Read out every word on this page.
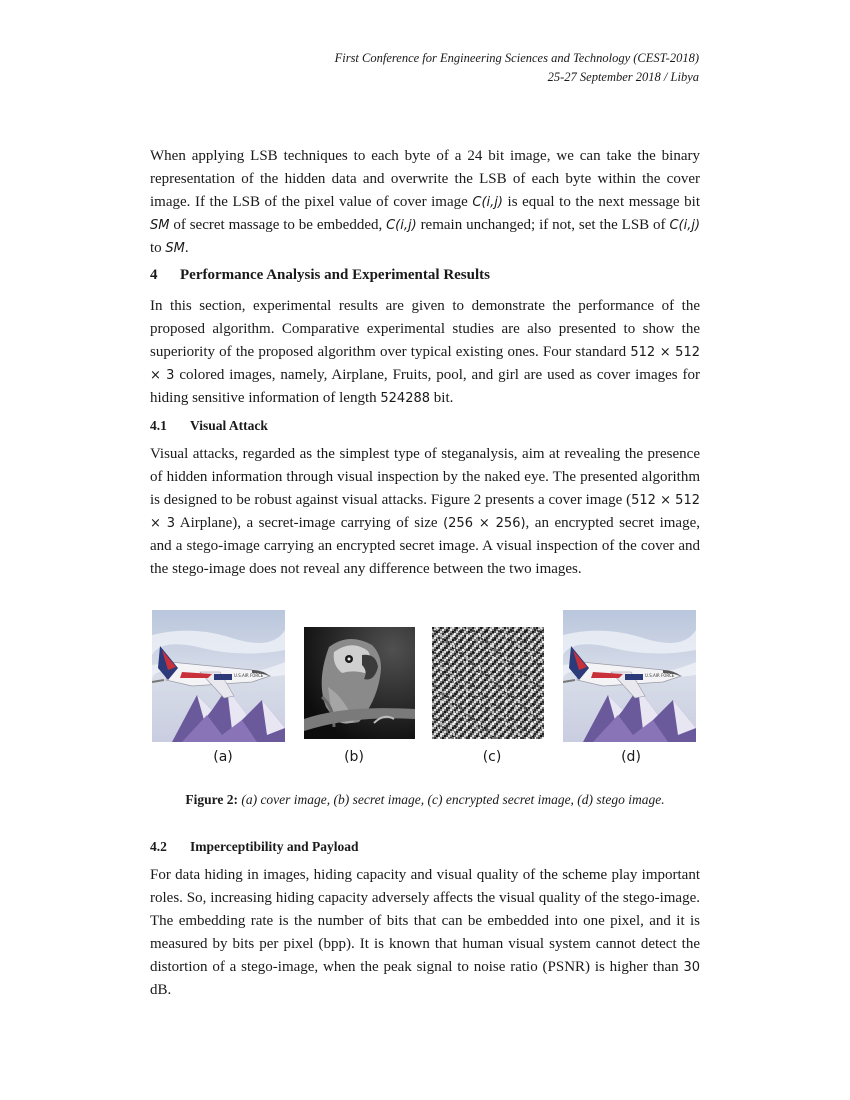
First Conference for Engineering Sciences and Technology (CEST-2018)
25-27 September 2018 / Libya
When applying LSB techniques to each byte of a 24 bit image, we can take the binary representation of the hidden data and overwrite the LSB of each byte within the cover image. If the LSB of the pixel value of cover image C(i,j) is equal to the next message bit SM of secret massage to be embedded, C(i,j) remain unchanged; if not, set the LSB of C(i,j) to SM.
4 Performance Analysis and Experimental Results
In this section, experimental results are given to demonstrate the performance of the proposed algorithm. Comparative experimental studies are also presented to show the superiority of the proposed algorithm over typical existing ones. Four standard 512 × 512 × 3 colored images, namely, Airplane, Fruits, pool, and girl are used as cover images for hiding sensitive information of length 524288 bit.
4.1 Visual Attack
Visual attacks, regarded as the simplest type of steganalysis, aim at revealing the presence of hidden information through visual inspection by the naked eye. The presented algorithm is designed to be robust against visual attacks. Figure 2 presents a cover image (512 × 512 × 3 Airplane), a secret-image carrying of size (256 × 256), an encrypted secret image, and a stego-image carrying an encrypted secret image. A visual inspection of the cover and the stego-image does not reveal any difference between the two images.
U.S.AIR FORCE	U.S.AIR FORCE
(a)	(b)	(c)	(d)
Figure 2: (a) cover image, (b) secret image, (c) encrypted secret image, (d) stego image.
4.2 Imperceptibility and Payload
For data hiding in images, hiding capacity and visual quality of the scheme play important roles. So, increasing hiding capacity adversely affects the visual quality of the stego-image. The embedding rate is the number of bits that can be embedded into one pixel, and it is measured by bits per pixel (bpp). It is known that human visual system cannot detect the distortion of a stego-image, when the peak signal to noise ratio (PSNR) is higher than 30 dB.
